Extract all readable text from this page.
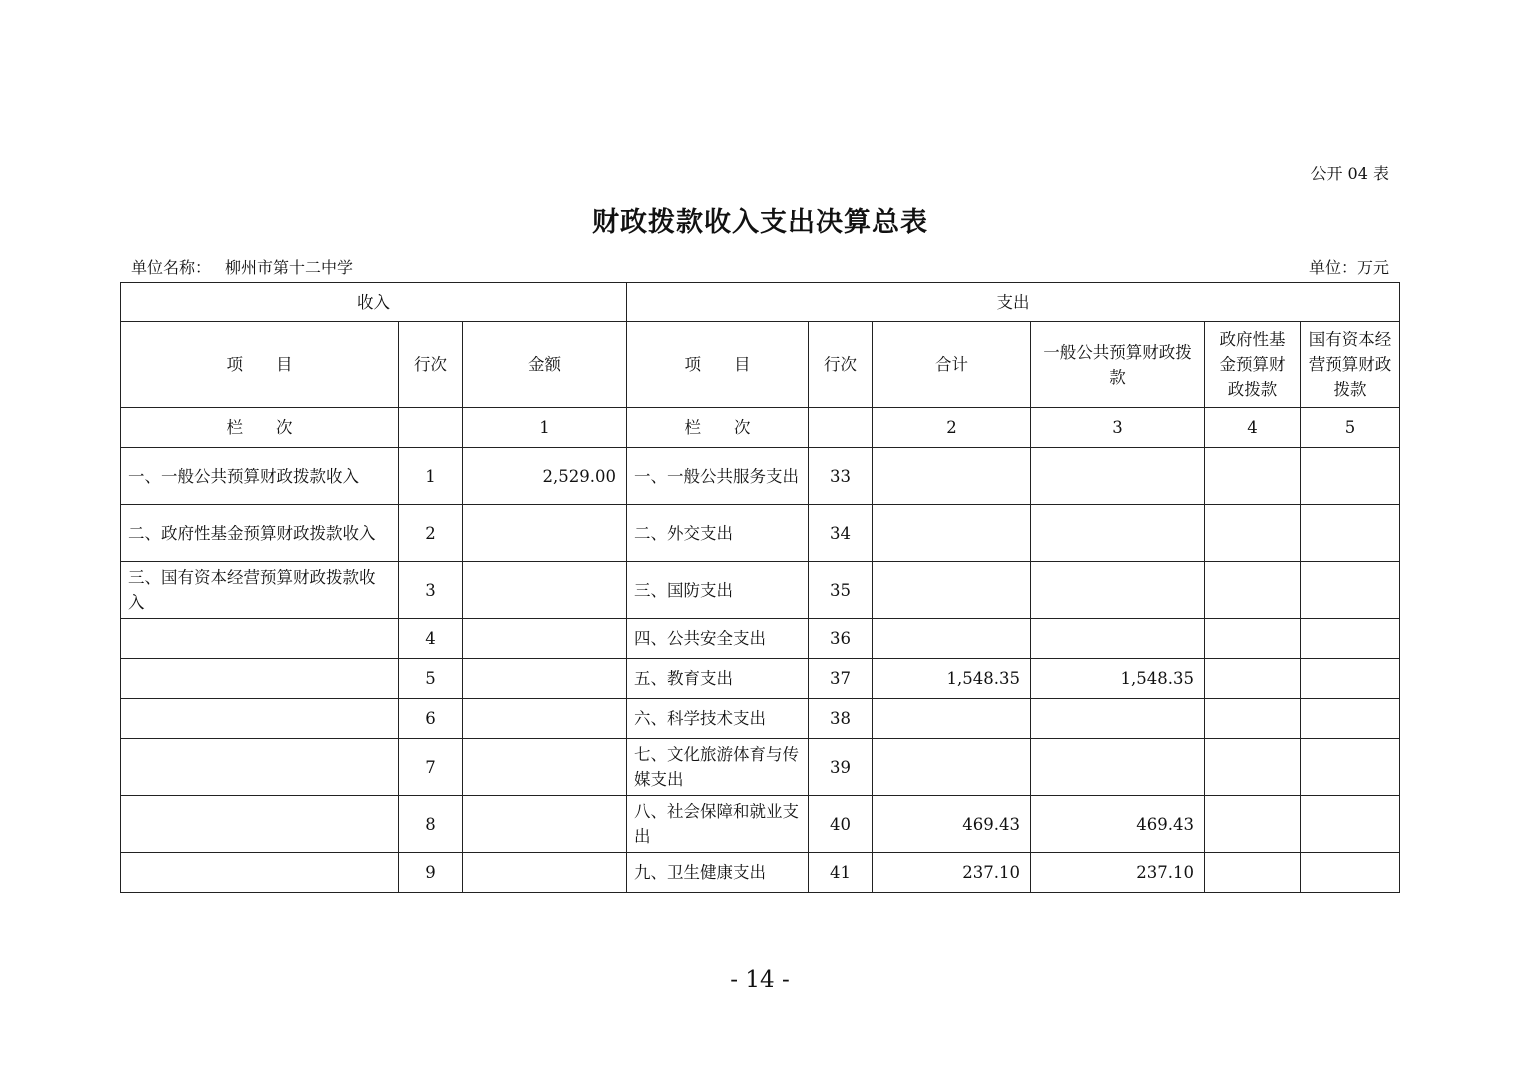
公开 04 表
财政拨款收入支出决算总表
单位名称： 柳州市第十二中学	单位：万元
收入			支出					
项　　目	行次	金额	项　　目	行次	合计	一般公共预算财政拨款	政府性基金预算财政拨款	国有资本经营预算财政拨款
栏　　次		1	栏　　次		2	3	4	5
一、一般公共预算财政拨款收入	1	2,529.00	一、一般公共服务支出	33				
二、政府性基金预算财政拨款收入	2		二、外交支出	34				
三、国有资本经营预算财政拨款收入	3		三、国防支出	35				
	4		四、公共安全支出	36				
	5		五、教育支出	37	1,548.35	1,548.35		
	6		六、科学技术支出	38				
	7		七、文化旅游体育与传媒支出	39				
	8		八、社会保障和就业支出	40	469.43	469.43		
	9		九、卫生健康支出	41	237.10	237.10		
- 14 -
